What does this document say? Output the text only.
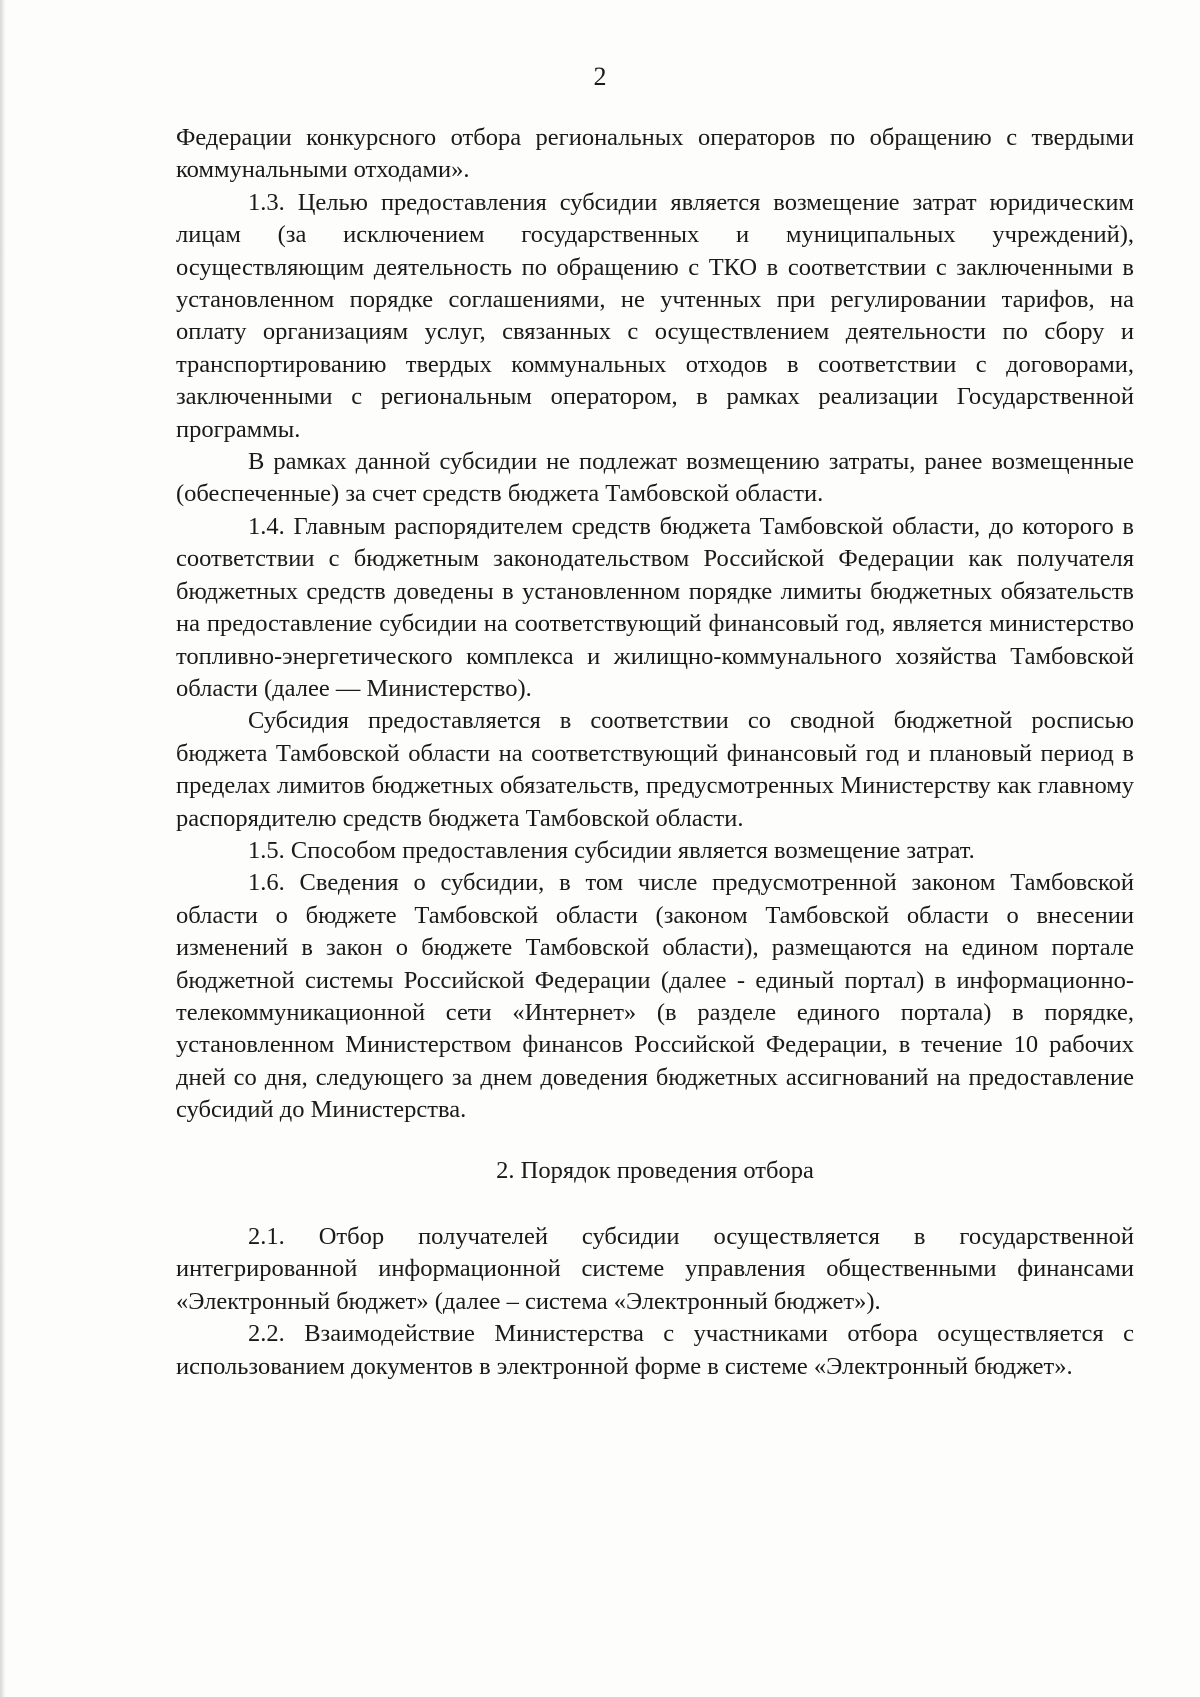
2

Федерации конкурсного отбора региональных операторов по обращению с твердыми коммунальными отходами».

1.3. Целью предоставления субсидии является возмещение затрат юридическим лицам (за исключением государственных и муниципальных учреждений), осуществляющим деятельность по обращению с ТКО в соответствии с заключенными в установленном порядке соглашениями, не учтенных при регулировании тарифов, на оплату организациям услуг, связанных с осуществлением деятельности по сбору и транспортированию твердых коммунальных отходов в соответствии с договорами, заключенными с региональным оператором, в рамках реализации Государственной программы.

В рамках данной субсидии не подлежат возмещению затраты, ранее возмещенные (обеспеченные) за счет средств бюджета Тамбовской области.

1.4. Главным распорядителем средств бюджета Тамбовской области, до которого в соответствии с бюджетным законодательством Российской Федерации как получателя бюджетных средств доведены в установленном порядке лимиты бюджетных обязательств на предоставление субсидии на соответствующий финансовый год, является министерство топливно-энергетического комплекса и жилищно-коммунального хозяйства Тамбовской области (далее — Министерство).

Субсидия предоставляется в соответствии со сводной бюджетной росписью бюджета Тамбовской области на соответствующий финансовый год и плановый период в пределах лимитов бюджетных обязательств, предусмотренных Министерству как главному распорядителю средств бюджета Тамбовской области.

1.5. Способом предоставления субсидии является возмещение затрат.

1.6. Сведения о субсидии, в том числе предусмотренной законом Тамбовской области о бюджете Тамбовской области (законом Тамбовской области о внесении изменений в закон о бюджете Тамбовской области), размещаются на едином портале бюджетной системы Российской Федерации (далее - единый портал) в информационно-телекоммуникационной сети «Интернет» (в разделе единого портала) в порядке, установленном Министерством финансов Российской Федерации, в течение 10 рабочих дней со дня, следующего за днем доведения бюджетных ассигнований на предоставление субсидий до Министерства.

2. Порядок проведения отбора

2.1. Отбор получателей субсидии осуществляется в государственной интегрированной информационной системе управления общественными финансами «Электронный бюджет» (далее – система «Электронный бюджет»).

2.2. Взаимодействие Министерства с участниками отбора осуществляется с использованием документов в электронной форме в системе «Электронный бюджет».
